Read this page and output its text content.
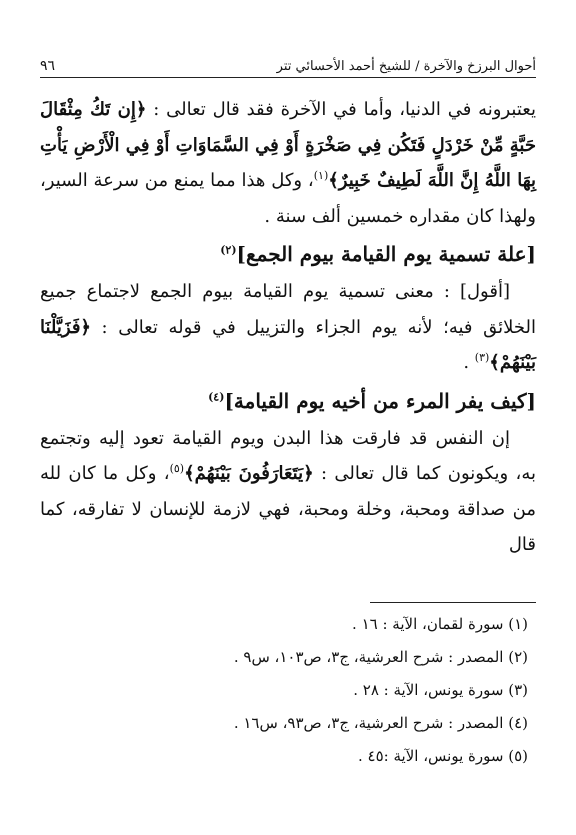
أحوال البرزخ والآخرة / للشيخ أحمد الأحسائي تتر
٩٦

يعتبرونه في الدنيا، وأما في الآخرة فقد قال تعالى : ﴿إِن تَكُ مِثْقَالَ حَبَّةٍ مِّنْ خَرْدَلٍ فَتَكُن فِي صَخْرَةٍ أَوْ فِي السَّمَاوَاتِ أَوْ فِي الْأَرْضِ يَأْتِ بِهَا اللَّهُ إِنَّ اللَّهَ لَطِيفٌ خَبِيرٌ﴾$^{(١)}$، وكل هذا مما يمنع من سرعة السير، ولهذا كان مقداره خمسين ألف سنة .

[علة تسمية يوم القيامة بيوم الجمع]$^{(٢)}$

[أقول] : معنى تسمية يوم القيامة بيوم الجمع لاجتماع جميع الخلائق فيه؛ لأنه يوم الجزاء والتزييل في قوله تعالى : ﴿فَزَيَّلْنَا بَيْنَهُمْ﴾$^{(٣)}$ .

[كيف يفر المرء من أخيه يوم القيامة]$^{(٤)}$

إن النفس قد فارقت هذا البدن ويوم القيامة تعود إليه وتجتمع به، ويكونون كما قال تعالى : ﴿يَتَعَارَفُونَ بَيْنَهُمْ﴾$^{(٥)}$، وكل ما كان لله من صداقة ومحبة، وخلة ومحبة، فهي لازمة للإنسان لا تفارقه، كما قال

(١) سورة لقمان، الآية : ١٦ .
(٢) المصدر : شرح العرشية، ج٣، ص١٠٣، س٩ .
(٣) سورة يونس، الآية : ٢٨ .
(٤) المصدر : شرح العرشية، ج٣، ص٩٣، س١٦ .
(٥) سورة يونس، الآية :٤٥ .
